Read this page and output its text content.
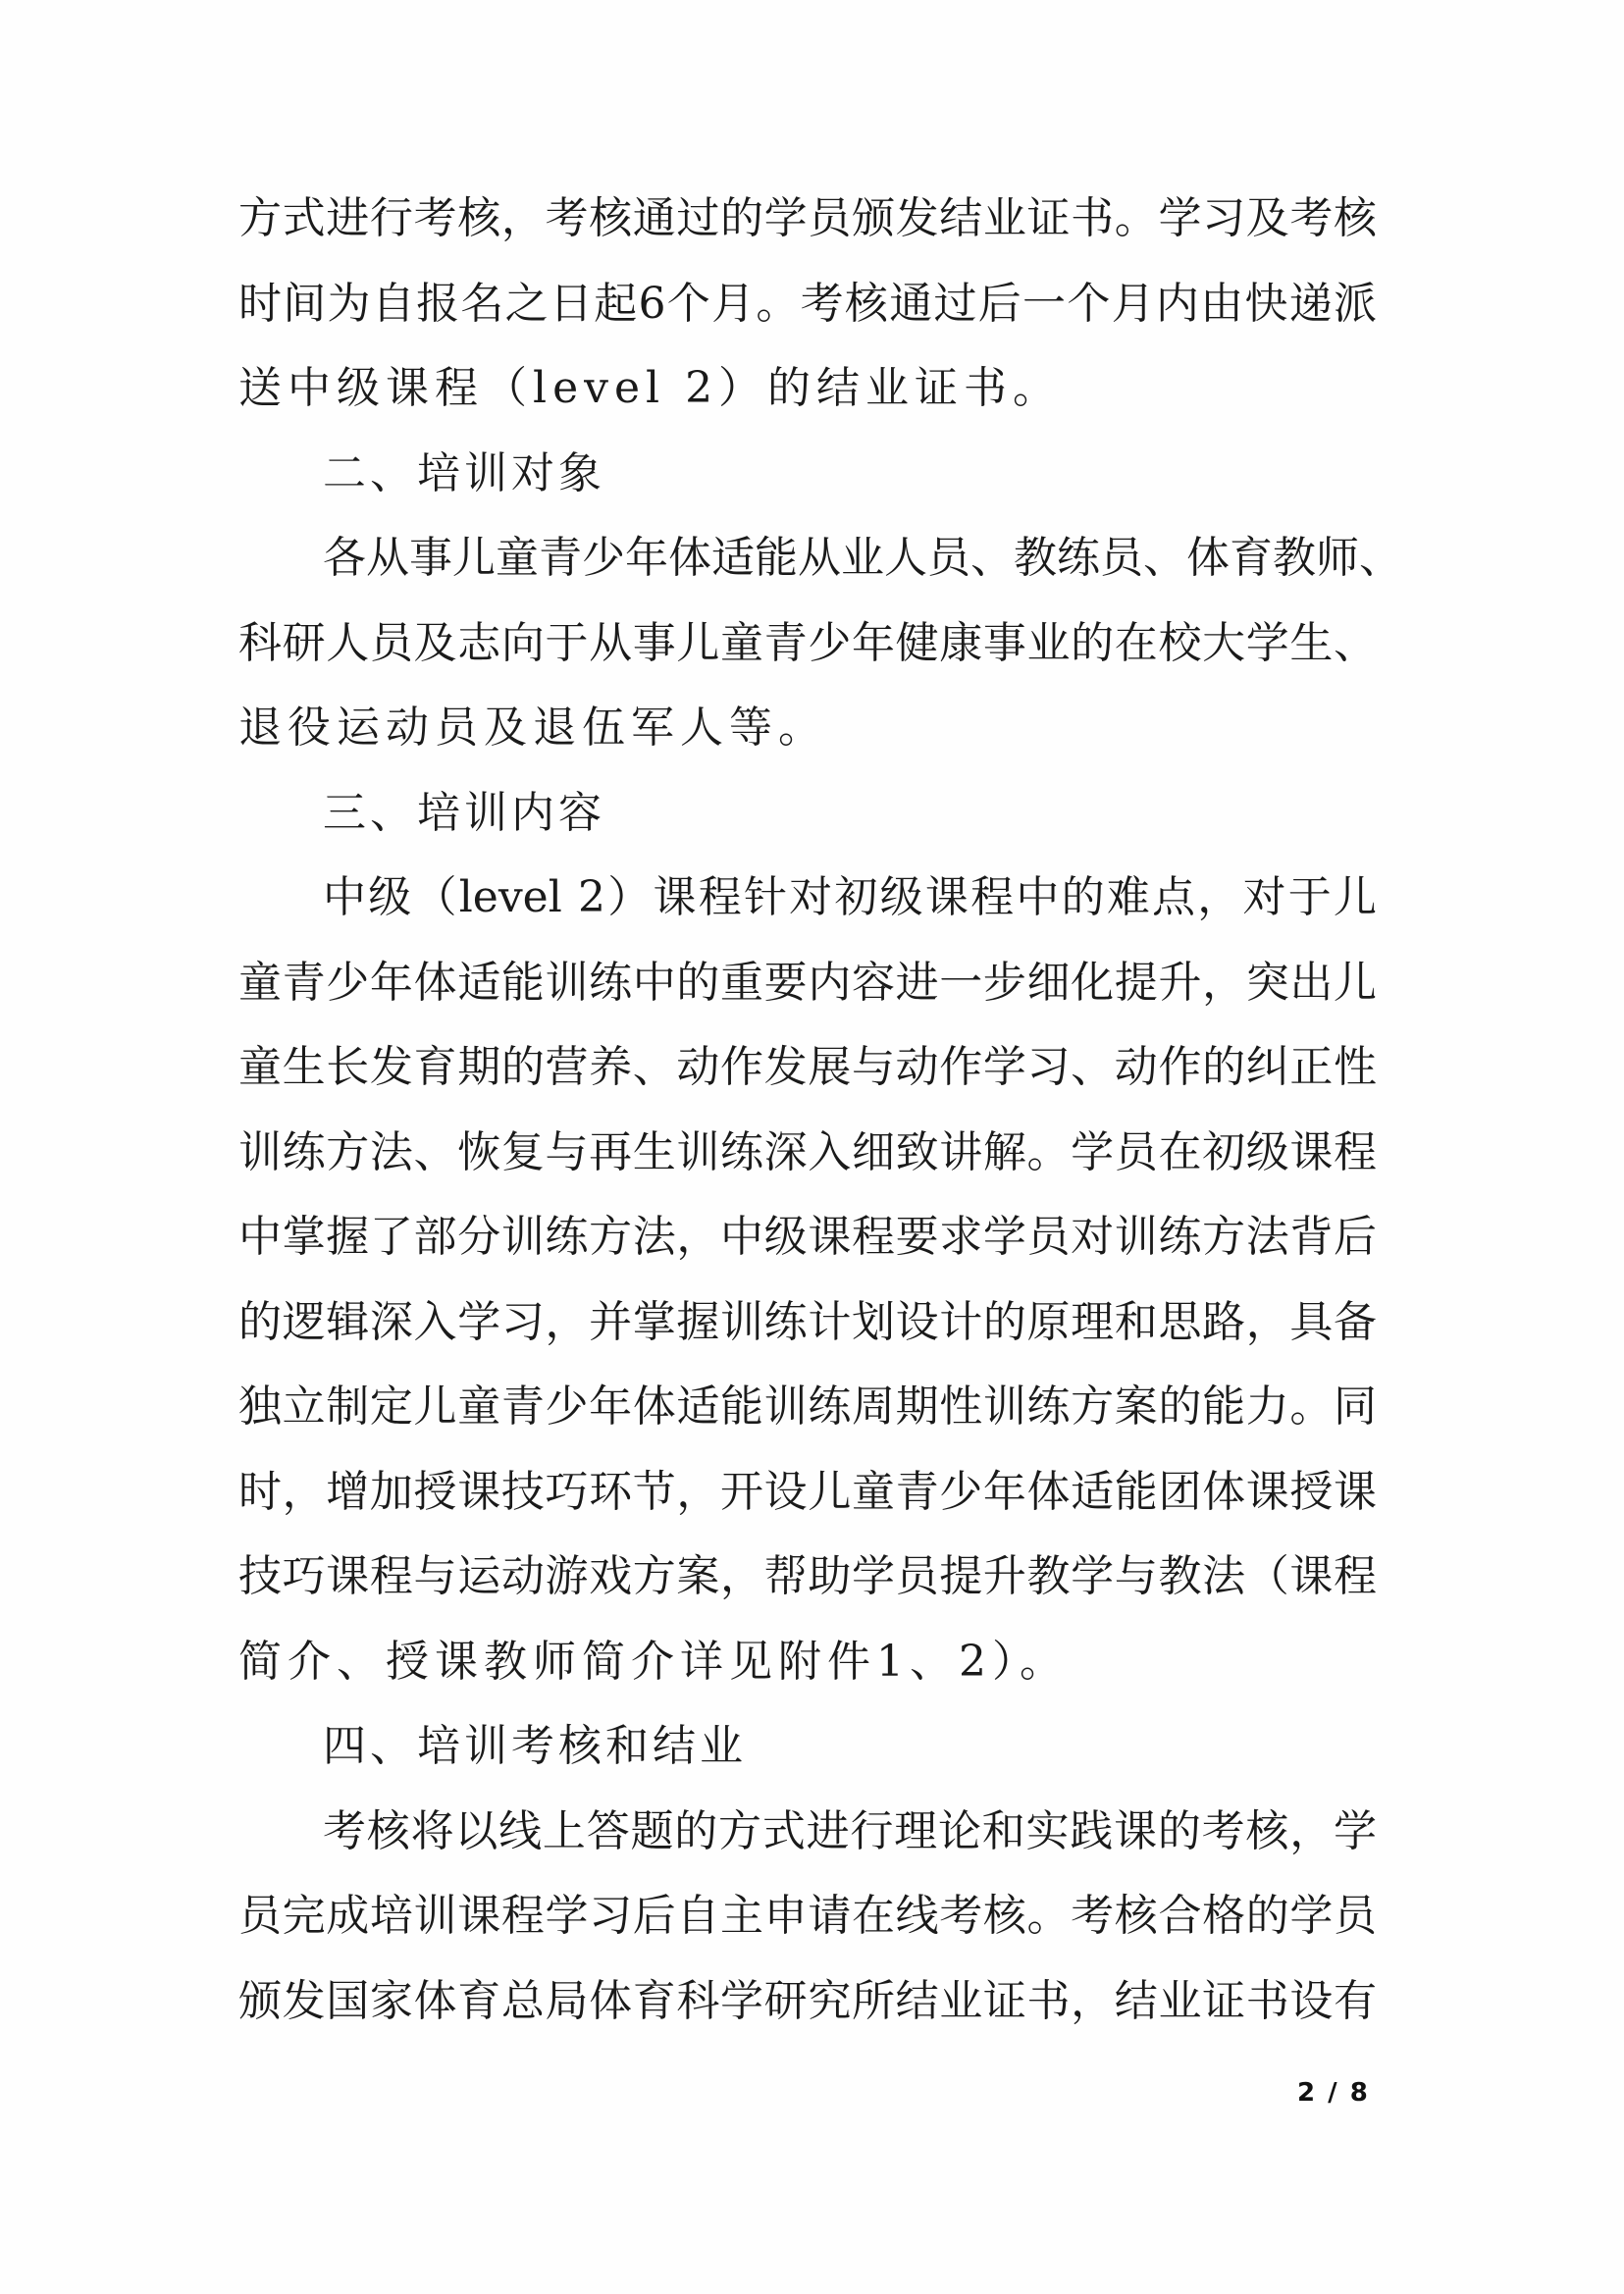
方式进行考核，考核通过的学员颁发结业证书。学习及考核
时间为自报名之日起6个月。考核通过后一个月内由快递派
送中级课程（level 2）的结业证书。
二、培训对象
各从事儿童青少年体适能从业人员、教练员、体育教师、
科研人员及志向于从事儿童青少年健康事业的在校大学生、
退役运动员及退伍军人等。
三、培训内容
中级（level 2）课程针对初级课程中的难点，对于儿
童青少年体适能训练中的重要内容进一步细化提升，突出儿
童生长发育期的营养、动作发展与动作学习、动作的纠正性
训练方法、恢复与再生训练深入细致讲解。学员在初级课程
中掌握了部分训练方法，中级课程要求学员对训练方法背后
的逻辑深入学习，并掌握训练计划设计的原理和思路，具备
独立制定儿童青少年体适能训练周期性训练方案的能力。同
时，增加授课技巧环节，开设儿童青少年体适能团体课授课
技巧课程与运动游戏方案，帮助学员提升教学与教法（课程
简介、授课教师简介详见附件1、2）。
四、培训考核和结业
考核将以线上答题的方式进行理论和实践课的考核，学
员完成培训课程学习后自主申请在线考核。考核合格的学员
颁发国家体育总局体育科学研究所结业证书，结业证书设有
2 / 8
